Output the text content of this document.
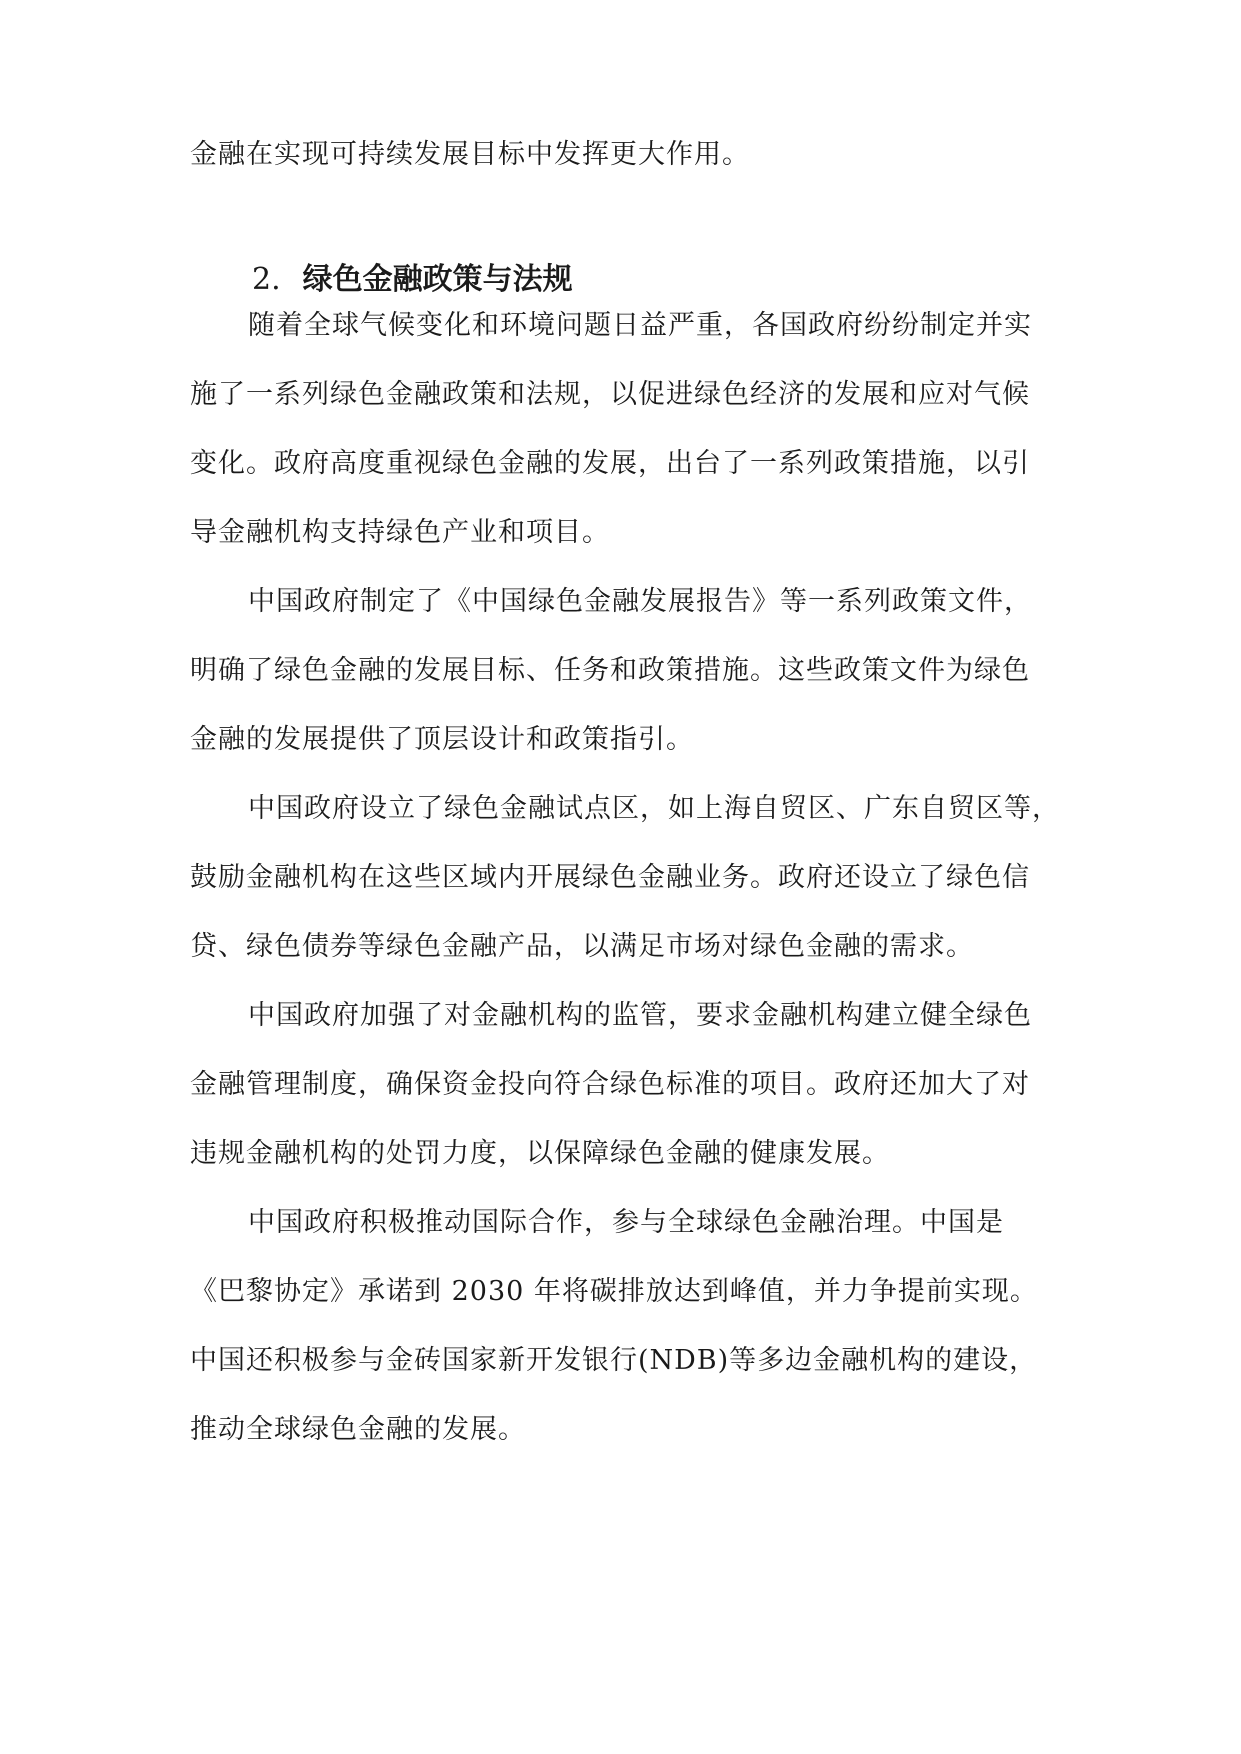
金融在实现可持续发展目标中发挥更大作用。
2. 绿色金融政策与法规
随着全球气候变化和环境问题日益严重，各国政府纷纷制定并实
施了一系列绿色金融政策和法规，以促进绿色经济的发展和应对气候
变化。政府高度重视绿色金融的发展，出台了一系列政策措施，以引
导金融机构支持绿色产业和项目。
中国政府制定了《中国绿色金融发展报告》等一系列政策文件，
明确了绿色金融的发展目标、任务和政策措施。这些政策文件为绿色
金融的发展提供了顶层设计和政策指引。
中国政府设立了绿色金融试点区，如上海自贸区、广东自贸区等，
鼓励金融机构在这些区域内开展绿色金融业务。政府还设立了绿色信
贷、绿色债券等绿色金融产品，以满足市场对绿色金融的需求。
中国政府加强了对金融机构的监管，要求金融机构建立健全绿色
金融管理制度，确保资金投向符合绿色标准的项目。政府还加大了对
违规金融机构的处罚力度，以保障绿色金融的健康发展。
中国政府积极推动国际合作，参与全球绿色金融治理。中国是
《巴黎协定》承诺到 2030 年将碳排放达到峰值，并力争提前实现。
中国还积极参与金砖国家新开发银行(NDB)等多边金融机构的建设，
推动全球绿色金融的发展。
